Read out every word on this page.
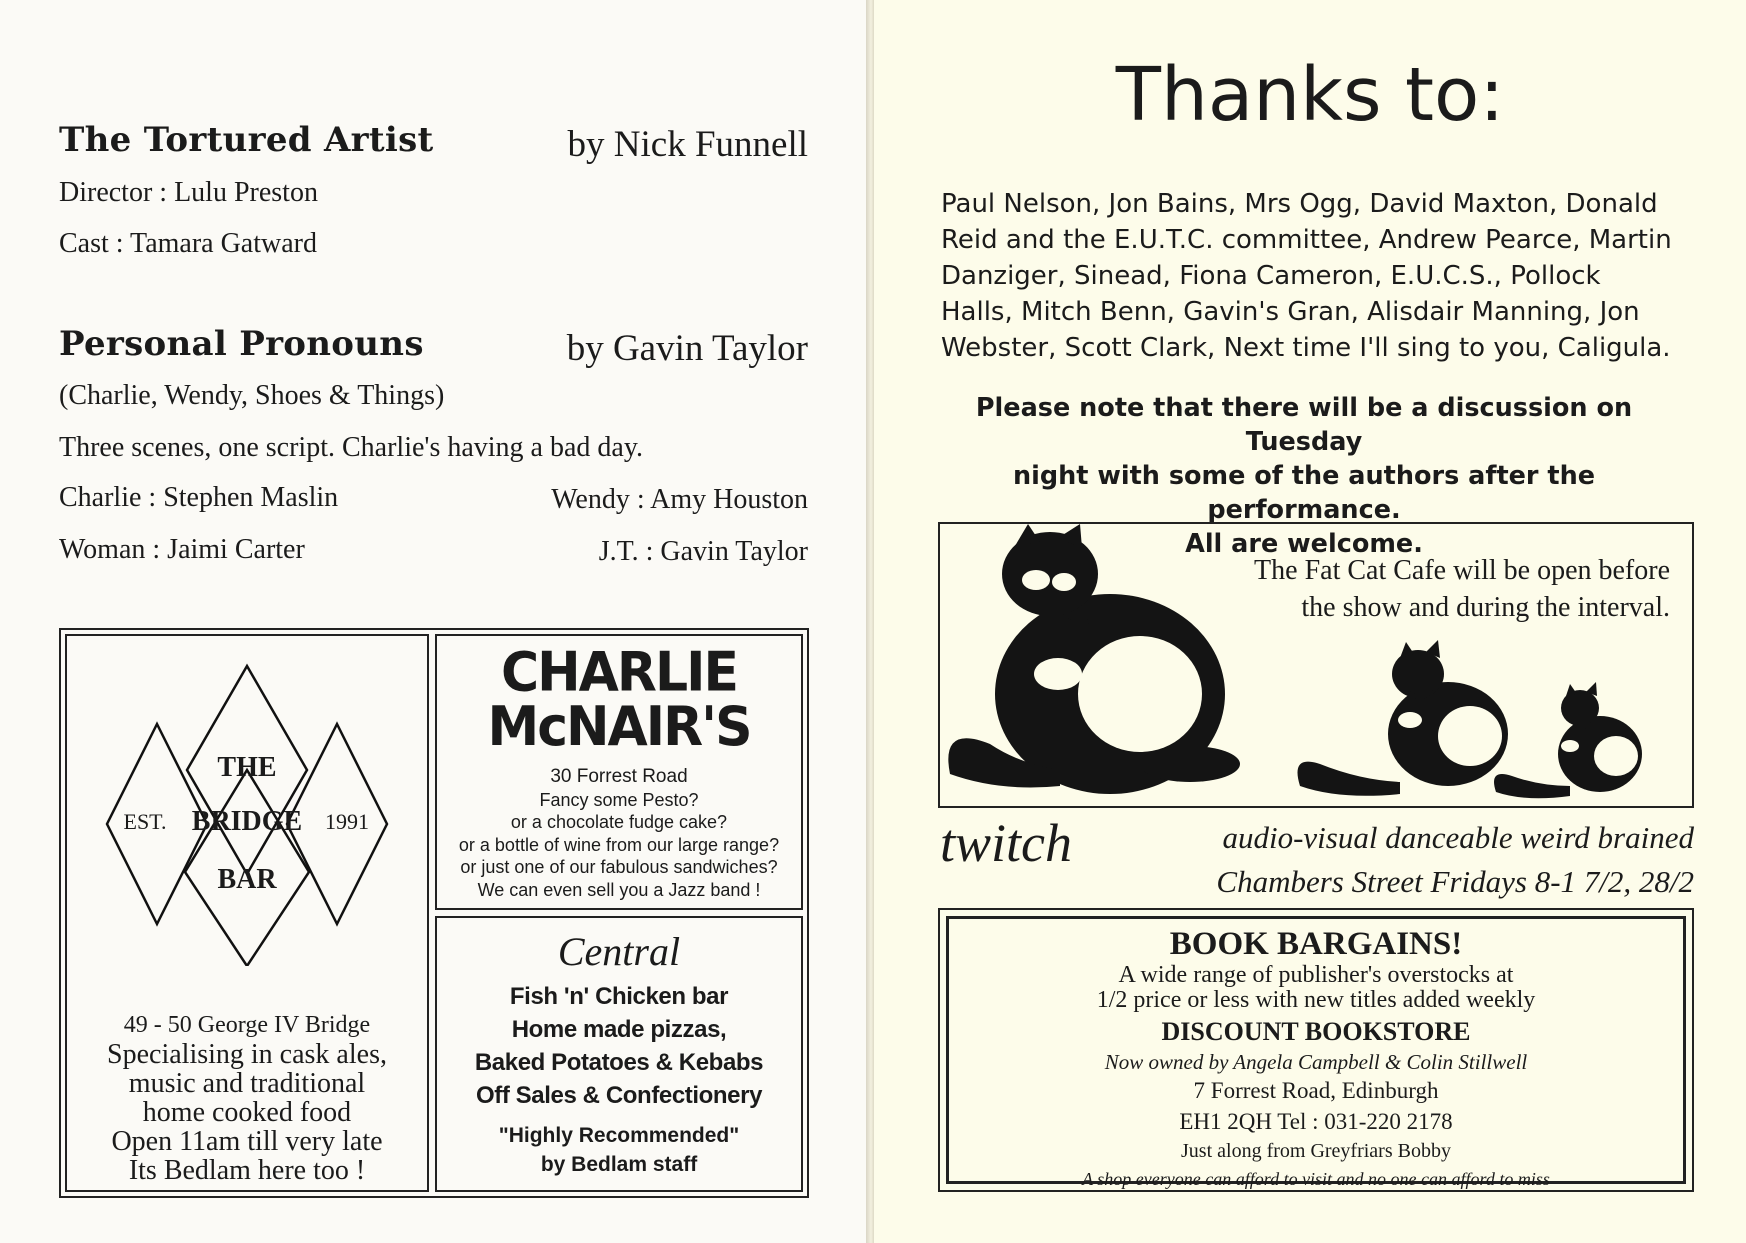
The Tortured Artist	by Nick Funnell
Director : Lulu Preston
Cast : Tamara Gatward
Personal Pronouns	by Gavin Taylor
(Charlie, Wendy, Shoes & Things)
Three scenes, one script. Charlie's having a bad day.
Charlie : Stephen Maslin	Wendy : Amy Houston
Woman : Jaimi Carter	J.T. : Gavin Taylor
THE
EST. BRIDGE	1991
BAR
49 - 50 George IV Bridge
Specialising in cask ales,
music and traditional
home cooked food
Open 11am till very late
Its Bedlam here too !
CHARLIE
McNAIR'S
30 Forrest Road
Fancy some Pesto?
or a chocolate fudge cake?
or a bottle of wine from our large range?
or just one of our fabulous sandwiches?
We can even sell you a Jazz band !
Central
Fish 'n' Chicken bar
Home made pizzas,
Baked Potatoes & Kebabs
Off Sales & Confectionery
"Highly Recommended"
by Bedlam staff
Thanks to:
Paul Nelson, Jon Bains, Mrs Ogg, David Maxton, Donald
Reid and the E.U.T.C. committee, Andrew Pearce, Martin
Danziger, Sinead, Fiona Cameron, E.U.C.S., Pollock
Halls, Mitch Benn, Gavin's Gran, Alisdair Manning, Jon
Webster, Scott Clark, Next time I'll sing to you, Caligula.
Please note that there will be a discussion on Tuesday
night with some of the authors after the performance.
All are welcome.
The Fat Cat Cafe will be open before
the show and during the interval.
twitch	audio-visual danceable weird brained
Chambers Street Fridays 8-1 7/2, 28/2
BOOK BARGAINS!
A wide range of publisher's overstocks at
1/2 price or less with new titles added weekly
DISCOUNT BOOKSTORE
Now owned by Angela Campbell & Colin Stillwell
7 Forrest Road, Edinburgh
EH1 2QH Tel : 031-220 2178
Just along from Greyfriars Bobby
A shop everyone can afford to visit and no one can afford to miss
